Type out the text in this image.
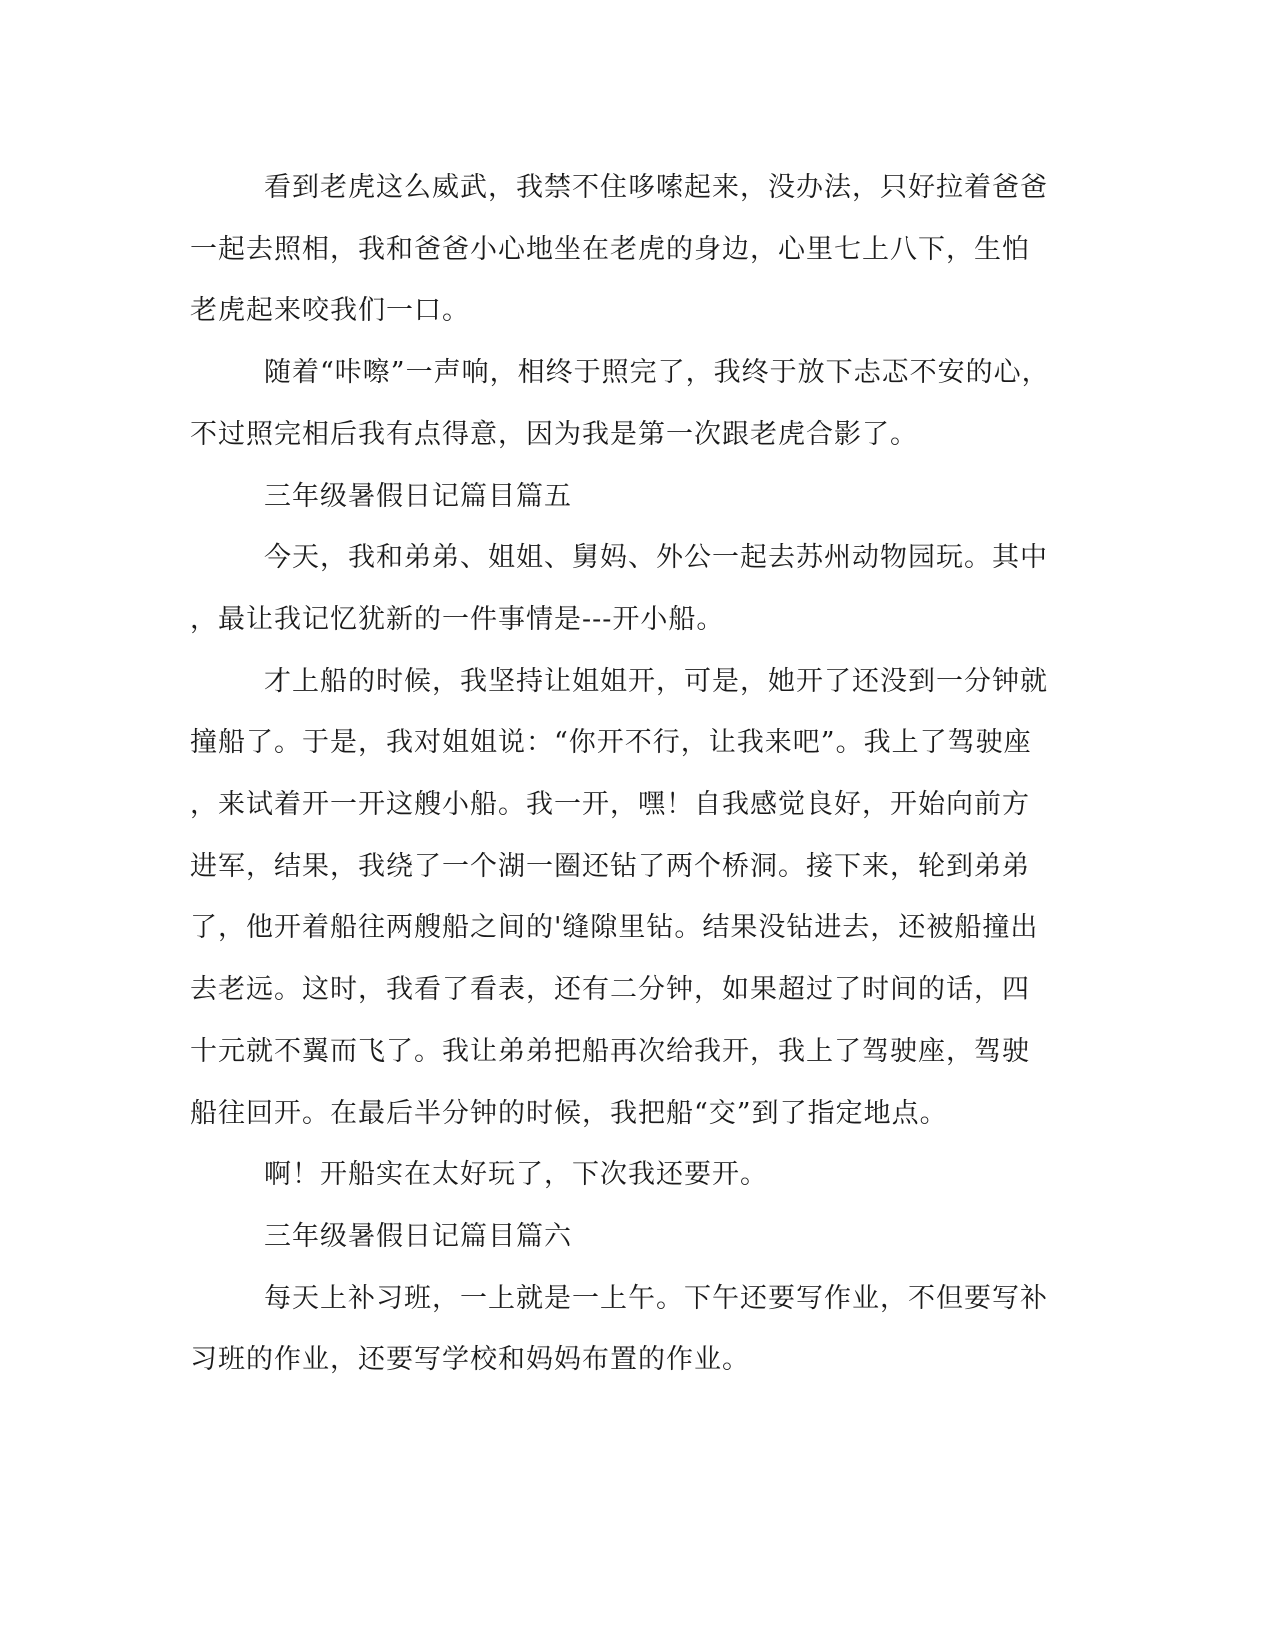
看到老虎这么威武，我禁不住哆嗦起来，没办法，只好拉着爸爸
一起去照相，我和爸爸小心地坐在老虎的身边，心里七上八下，生怕
老虎起来咬我们一口。
随着“咔嚓”一声响，相终于照完了，我终于放下忐忑不安的心，
不过照完相后我有点得意，因为我是第一次跟老虎合影了。
三年级暑假日记篇目篇五
今天，我和弟弟、姐姐、舅妈、外公一起去苏州动物园玩。其中
，最让我记忆犹新的一件事情是---开小船。
才上船的时候，我坚持让姐姐开，可是，她开了还没到一分钟就
撞船了。于是，我对姐姐说：“你开不行，让我来吧”。我上了驾驶座
，来试着开一开这艘小船。我一开，嘿！自我感觉良好，开始向前方
进军，结果，我绕了一个湖一圈还钻了两个桥洞。接下来，轮到弟弟
了，他开着船往两艘船之间的'缝隙里钻。结果没钻进去，还被船撞出
去老远。这时，我看了看表，还有二分钟，如果超过了时间的话，四
十元就不翼而飞了。我让弟弟把船再次给我开，我上了驾驶座，驾驶
船往回开。在最后半分钟的时候，我把船“交”到了指定地点。
啊！开船实在太好玩了，下次我还要开。
三年级暑假日记篇目篇六
每天上补习班，一上就是一上午。下午还要写作业，不但要写补
习班的作业，还要写学校和妈妈布置的作业。
